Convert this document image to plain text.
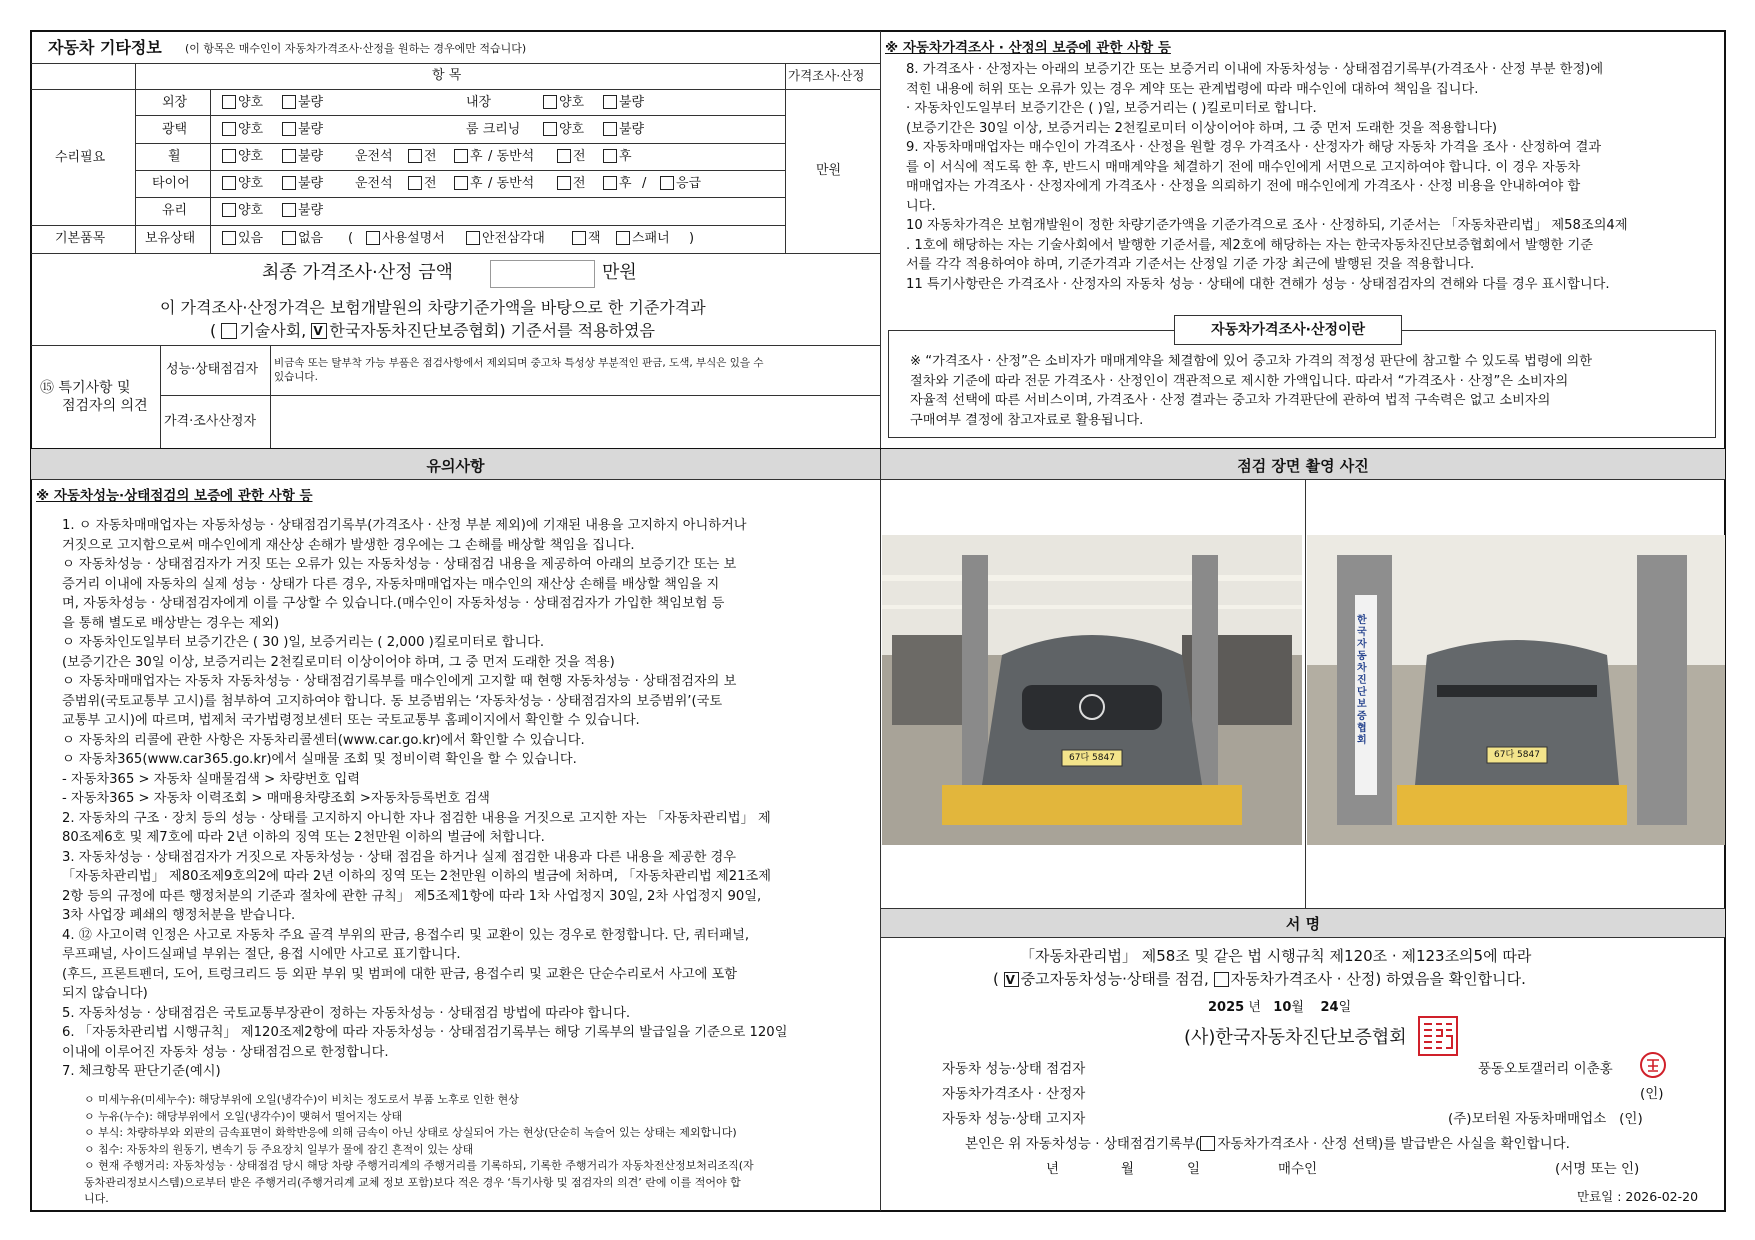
자동차 기타정보 (이 항목은 매수인이 자동차가격조사·산정을 원하는 경우에만 적습니다)
항 목	가격조사·산정
수리필요
외장	양호	불량	내장	양호	불량
광택	양호	불량	룸 크리닝	양호	불량
휠	양호	불량 운전석	전	후 / 동반석	전	후
타이어	양호	불량 운전석	전	후 / 동반석	전	후 /	응급
유리	양호	불량
기본품목	보유상태	있음	없음 (	사용설명서	안전삼각대	잭	스패너 )
만원
최종 가격조사·산정 금액	만원
이 가격조사·산정가격은 보험개발원의 차량기준가액을 바탕으로 한 기준가격과
( 기술사회, V 한국자동차진단보증협회) 기준서를 적용하였음
⑮ 특기사항 및
점검자의 의견
성능·상태점검자 비금속 또는 탈부착 가능 부품은 점검사항에서 제외되며 중고차 특성상 부분적인 판금, 도색, 부식은 있을 수
있습니다.
가격·조사산정자
※ 자동차가격조사 · 산정의 보증에 관한 사항 등

8. 가격조사 · 산정자는 아래의 보증기간 또는 보증거리 이내에 자동차성능 · 상태점검기록부(가격조사 · 산정 부분 한정)에

적힌 내용에 허위 또는 오류가 있는 경우 계약 또는 관계법령에 따라 매수인에 대하여 책임을 집니다.

· 자동차인도일부터 보증기간은 ( )일, 보증거리는 ( )킬로미터로 합니다.

(보증기간은 30일 이상, 보증거리는 2천킬로미터 이상이어야 하며, 그 중 먼저 도래한 것을 적용합니다)

9. 자동차매매업자는 매수인이 가격조사 · 산정을 원할 경우 가격조사 · 산정자가 해당 자동차 가격을 조사 · 산정하여 결과

를 이 서식에 적도록 한 후, 반드시 매매계약을 체결하기 전에 매수인에게 서면으로 고지하여야 합니다. 이 경우 자동차

매매업자는 가격조사 · 산정자에게 가격조사 · 산정을 의뢰하기 전에 매수인에게 가격조사 · 산정 비용을 안내하여야 합

니다.

10 자동차가격은 보험개발원이 정한 차량기준가액을 기준가격으로 조사 · 산정하되, 기준서는 「자동차관리법」 제58조의4제

. 1호에 해당하는 자는 기술사회에서 발행한 기준서를, 제2호에 해당하는 자는 한국자동차진단보증협회에서 발행한 기준

서를 각각 적용하여야 하며, 기준가격과 기준서는 산정일 기준 가장 최근에 발행된 것을 적용합니다.

11 특기사항란은 가격조사 · 산정자의 자동차 성능 · 상태에 대한 견해가 성능 · 상태점검자의 견해와 다를 경우 표시합니다.

자동차가격조사·산정이란

※ “가격조사 · 산정”은 소비자가 매매계약을 체결함에 있어 중고차 가격의 적정성 판단에 참고할 수 있도록 법령에 의한

절차와 기준에 따라 전문 가격조사 · 산정인이 객관적으로 제시한 가액입니다. 따라서 “가격조사 · 산정”은 소비자의

자율적 선택에 따른 서비스이며, 가격조사 · 산정 결과는 중고차 가격판단에 관하여 법적 구속력은 없고 소비자의

구매여부 결정에 참고자료로 활용됩니다.

유의사항
※ 자동차성능·상태점검의 보증에 관한 사항 등

1. ㅇ 자동차매매업자는 자동차성능 · 상태점검기록부(가격조사 · 산정 부분 제외)에 기재된 내용을 고지하지 아니하거나

거짓으로 고지함으로써 매수인에게 재산상 손해가 발생한 경우에는 그 손해를 배상할 책임을 집니다.

ㅇ 자동차성능 · 상태점검자가 거짓 또는 오류가 있는 자동차성능 · 상태점검 내용을 제공하여 아래의 보증기간 또는 보

증거리 이내에 자동차의 실제 성능 · 상태가 다른 경우, 자동차매매업자는 매수인의 재산상 손해를 배상할 책임을 지

며, 자동차성능 · 상태점검자에게 이를 구상할 수 있습니다.(매수인이 자동차성능 · 상태점검자가 가입한 책임보험 등

을 통해 별도로 배상받는 경우는 제외)

ㅇ 자동차인도일부터 보증기간은 ( 30 )일, 보증거리는 ( 2,000 )킬로미터로 합니다.

(보증기간은 30일 이상, 보증거리는 2천킬로미터 이상이어야 하며, 그 중 먼저 도래한 것을 적용)

ㅇ 자동차매매업자는 자동차 자동차성능 · 상태점검기록부를 매수인에게 고지할 때 현행 자동차성능 · 상태점검자의 보

증범위(국토교통부 고시)를 첨부하여 고지하여야 합니다. 동 보증범위는 ‘자동차성능 · 상태점검자의 보증범위’(국토

교통부 고시)에 따르며, 법제처 국가법령정보센터 또는 국토교통부 홈페이지에서 확인할 수 있습니다.

ㅇ 자동차의 리콜에 관한 사항은 자동차리콜센터(www.car.go.kr)에서 확인할 수 있습니다.

ㅇ 자동차365(www.car365.go.kr)에서 실매물 조회 및 정비이력 확인을 할 수 있습니다.

- 자동차365 > 자동차 실매물검색 > 차량번호 입력

- 자동차365 > 자동차 이력조회 > 매매용차량조회 >자동차등록번호 검색

2. 자동차의 구조 · 장치 등의 성능 · 상태를 고지하지 아니한 자나 점검한 내용을 거짓으로 고지한 자는 「자동차관리법」 제

80조제6호 및 제7호에 따라 2년 이하의 징역 또는 2천만원 이하의 벌금에 처합니다.

3. 자동차성능 · 상태점검자가 거짓으로 자동차성능 · 상태 점검을 하거나 실제 점검한 내용과 다른 내용을 제공한 경우

「자동차관리법」 제80조제9호의2에 따라 2년 이하의 징역 또는 2천만원 이하의 벌금에 처하며, 「자동차관리법 제21조제

2항 등의 규정에 따른 행정처분의 기준과 절차에 관한 규칙」 제5조제1항에 따라 1차 사업정지 30일, 2차 사업정지 90일,

3차 사업장 폐쇄의 행정처분을 받습니다.

4. ⑫ 사고이력 인정은 사고로 자동차 주요 골격 부위의 판금, 용접수리 및 교환이 있는 경우로 한정합니다. 단, 쿼터패널,

루프패널, 사이드실패널 부위는 절단, 용접 시에만 사고로 표기합니다.

(후드, 프론트펜더, 도어, 트렁크리드 등 외판 부위 및 범퍼에 대한 판금, 용접수리 및 교환은 단순수리로서 사고에 포함

되지 않습니다)

5. 자동차성능 · 상태점검은 국토교통부장관이 정하는 자동차성능 · 상태점검 방법에 따라야 합니다.

6. 「자동차관리법 시행규칙」 제120조제2항에 따라 자동차성능 · 상태점검기록부는 해당 기록부의 발급일을 기준으로 120일

이내에 이루어진 자동차 성능 · 상태점검으로 한정합니다.

7. 체크항목 판단기준(예시)

ㅇ 미세누유(미세누수): 해당부위에 오일(냉각수)이 비치는 정도로서 부품 노후로 인한 현상

ㅇ 누유(누수): 해당부위에서 오일(냉각수)이 맺혀서 떨어지는 상태

ㅇ 부식: 차량하부와 외판의 금속표면이 화학반응에 의해 금속이 아닌 상태로 상실되어 가는 현상(단순히 녹슬어 있는 상태는 제외합니다)

ㅇ 침수: 자동차의 원동기, 변속기 등 주요장치 일부가 물에 잠긴 흔적이 있는 상태

ㅇ 현재 주행거리: 자동차성능 · 상태점검 당시 해당 차량 주행거리계의 주행거리를 기록하되, 기록한 주행거리가 자동차전산정보처리조직(자

동차관리정보시스템)으로부터 받은 주행거리(주행거리계 교체 정보 포함)보다 적은 경우 ‘특기사항 및 점검자의 의견’ 란에 이를 적어야 합

니다.

점검 장면 촬영 사진
67다 5847	67다 5847
한국자동차진단보증협회
서 명
「자동차관리법」 제58조 및 같은 법 시행규칙 제120조 · 제123조의5에 따라
( V 중고자동차성능·상태를 점검, 자동차가격조사 · 산정) 하였음을 확인합니다.
2025 년 10월 24일
(사)한국자동차진단보증협회
자동차 성능·상태 점검자	풍동오토갤러리 이춘홍
자동차가격조사 · 산정자	(인)
자동차 성능·상태 고지자	(주)모터원 자동차매매업소   (인)
본인은 위 자동차성능 · 상태점검기록부( 자동차가격조사 · 산정 선택)를 발급받은 사실을 확인합니다.
년	월	일	매수인	(서명 또는 인)
만료일 : 2026-02-20
